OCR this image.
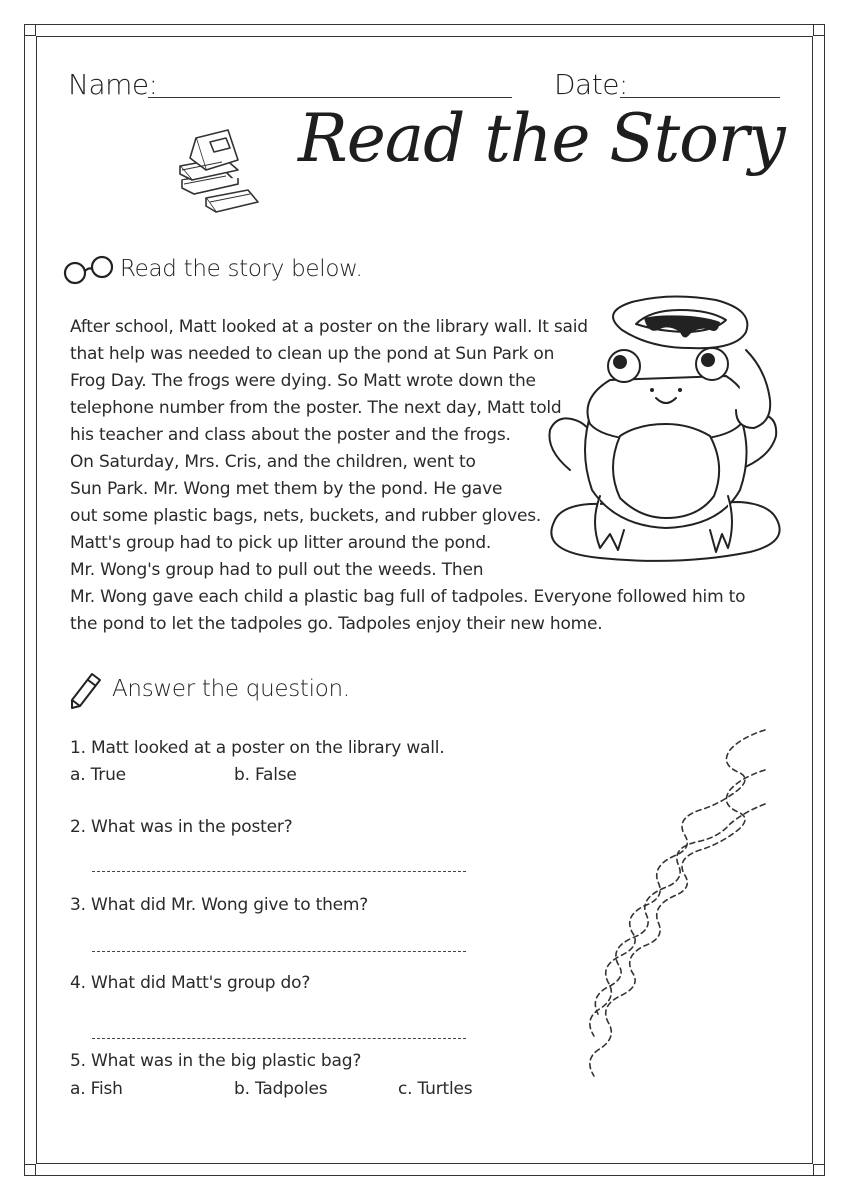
Name:	Date:
Read the Story
Read the story below.
After school, Matt looked at a poster on the library wall. It said
that help was needed to clean up the pond at Sun Park on
Frog Day. The frogs were dying. So Matt wrote down the
telephone number from the poster. The next day, Matt told
his teacher and class about the poster and the frogs.
On Saturday, Mrs. Cris, and the children, went to
Sun Park. Mr. Wong met them by the pond. He gave
out some plastic bags, nets, buckets, and rubber gloves.
Matt's group had to pick up litter around the pond.
Mr. Wong's group had to pull out the weeds. Then
Mr. Wong gave each child a plastic bag full of tadpoles. Everyone followed him to
the pond to let the tadpoles go. Tadpoles enjoy their new home.
Answer the question.
1. Matt looked at a poster on the library wall.
a. True	b. False
2. What was in the poster?
3. What did Mr. Wong give to them?
4. What did Matt's group do?
5. What was in the big plastic bag?
a. Fish	b. Tadpoles	c. Turtles
